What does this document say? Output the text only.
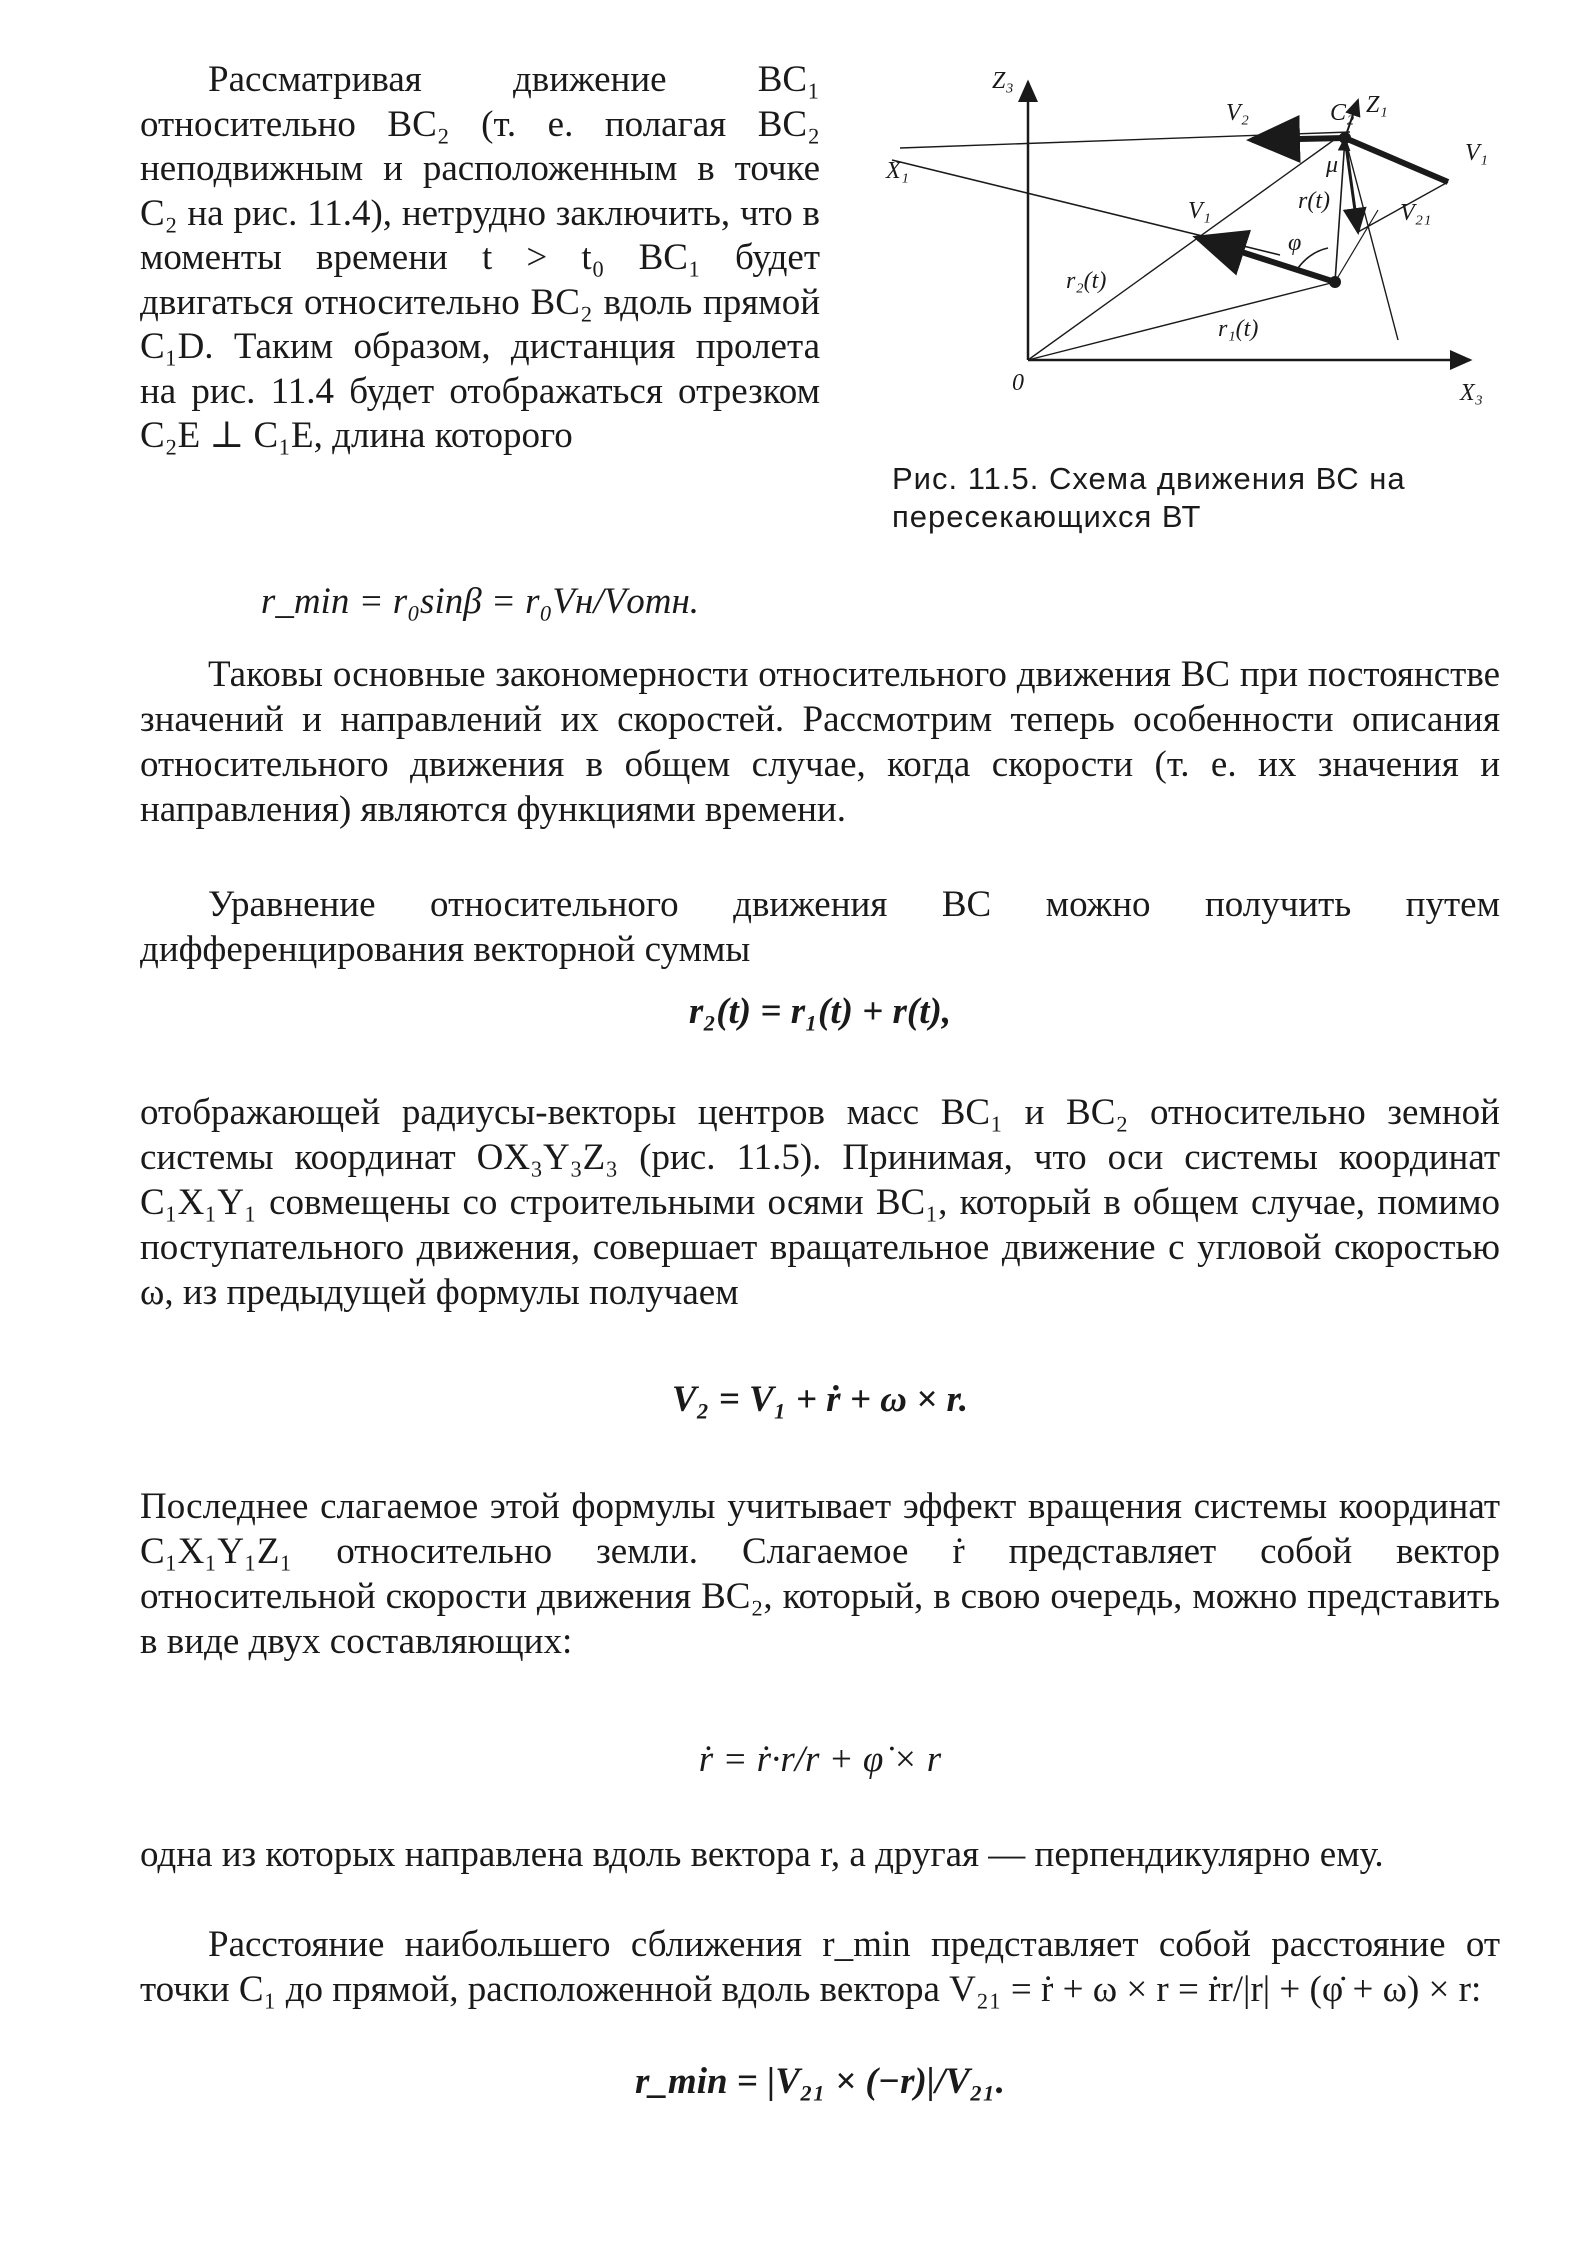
Рассматривая движение ВС₁ относительно ВС₂ (т. е. полагая ВС₂ неподвижным и расположенным в точке C₂ на рис. 11.4), нетрудно заключить, что в моменты времени t > t₀ ВС₁ будет двигаться относительно ВС₂ вдоль прямой C₁D. Таким образом, дистанция пролета на рис. 11.4 будет отображаться отрезком C₂E ⊥ C₁E, длина которого

Z₃
X₁
0	X₃
C₂ Z₁
V₂
V₁
V₁	V₂₁
μ
φ
r(t)
r₂(t)
r₁(t)
Рис. 11.5. Схема движения ВС на пересекающихся ВТ

r_min = r₀sinβ = r₀Vн/Vотн.

Таковы основные закономерности относительного движения ВС при постоянстве значений и направлений их скоростей. Рассмотрим теперь особенности описания относительного движения в общем случае, когда скорости (т. е. их значения и направления) являются функциями времени.

Уравнение относительного движения ВС можно получить путем дифференцирования векторной суммы

r₂(t) = r₁(t) + r(t),

отображающей радиусы-векторы центров масс ВС₁ и ВС₂ относительно земной системы координат OX₃Y₃Z₃ (рис. 11.5). Принимая, что оси системы координат C₁X₁Y₁ совмещены со строительными осями BC₁, который в общем случае, помимо поступательного движения, совершает вращательное движение с угловой скоростью ω, из предыдущей формулы получаем

V₂ = V₁ + ṙ + ω × r.

Последнее слагаемое этой формулы учитывает эффект вращения системы координат C₁X₁Y₁Z₁ относительно земли. Слагаемое ṙ представляет собой вектор относительной скорости движения ВС₂, который, в свою очередь, можно представить в виде двух составляющих:

ṙ = ṙ·r/r + φ̇ × r

одна из которых направлена вдоль вектора r, а другая — перпендикулярно ему.

Расстояние наибольшего сближения r_min представляет собой расстояние от точки C₁ до прямой, расположенной вдоль вектора V₂₁ = ṙ + ω × r = ṙr/|r| + (φ̇ + ω) × r:

r_min = |V₂₁ × (−r)|/V₂₁.
